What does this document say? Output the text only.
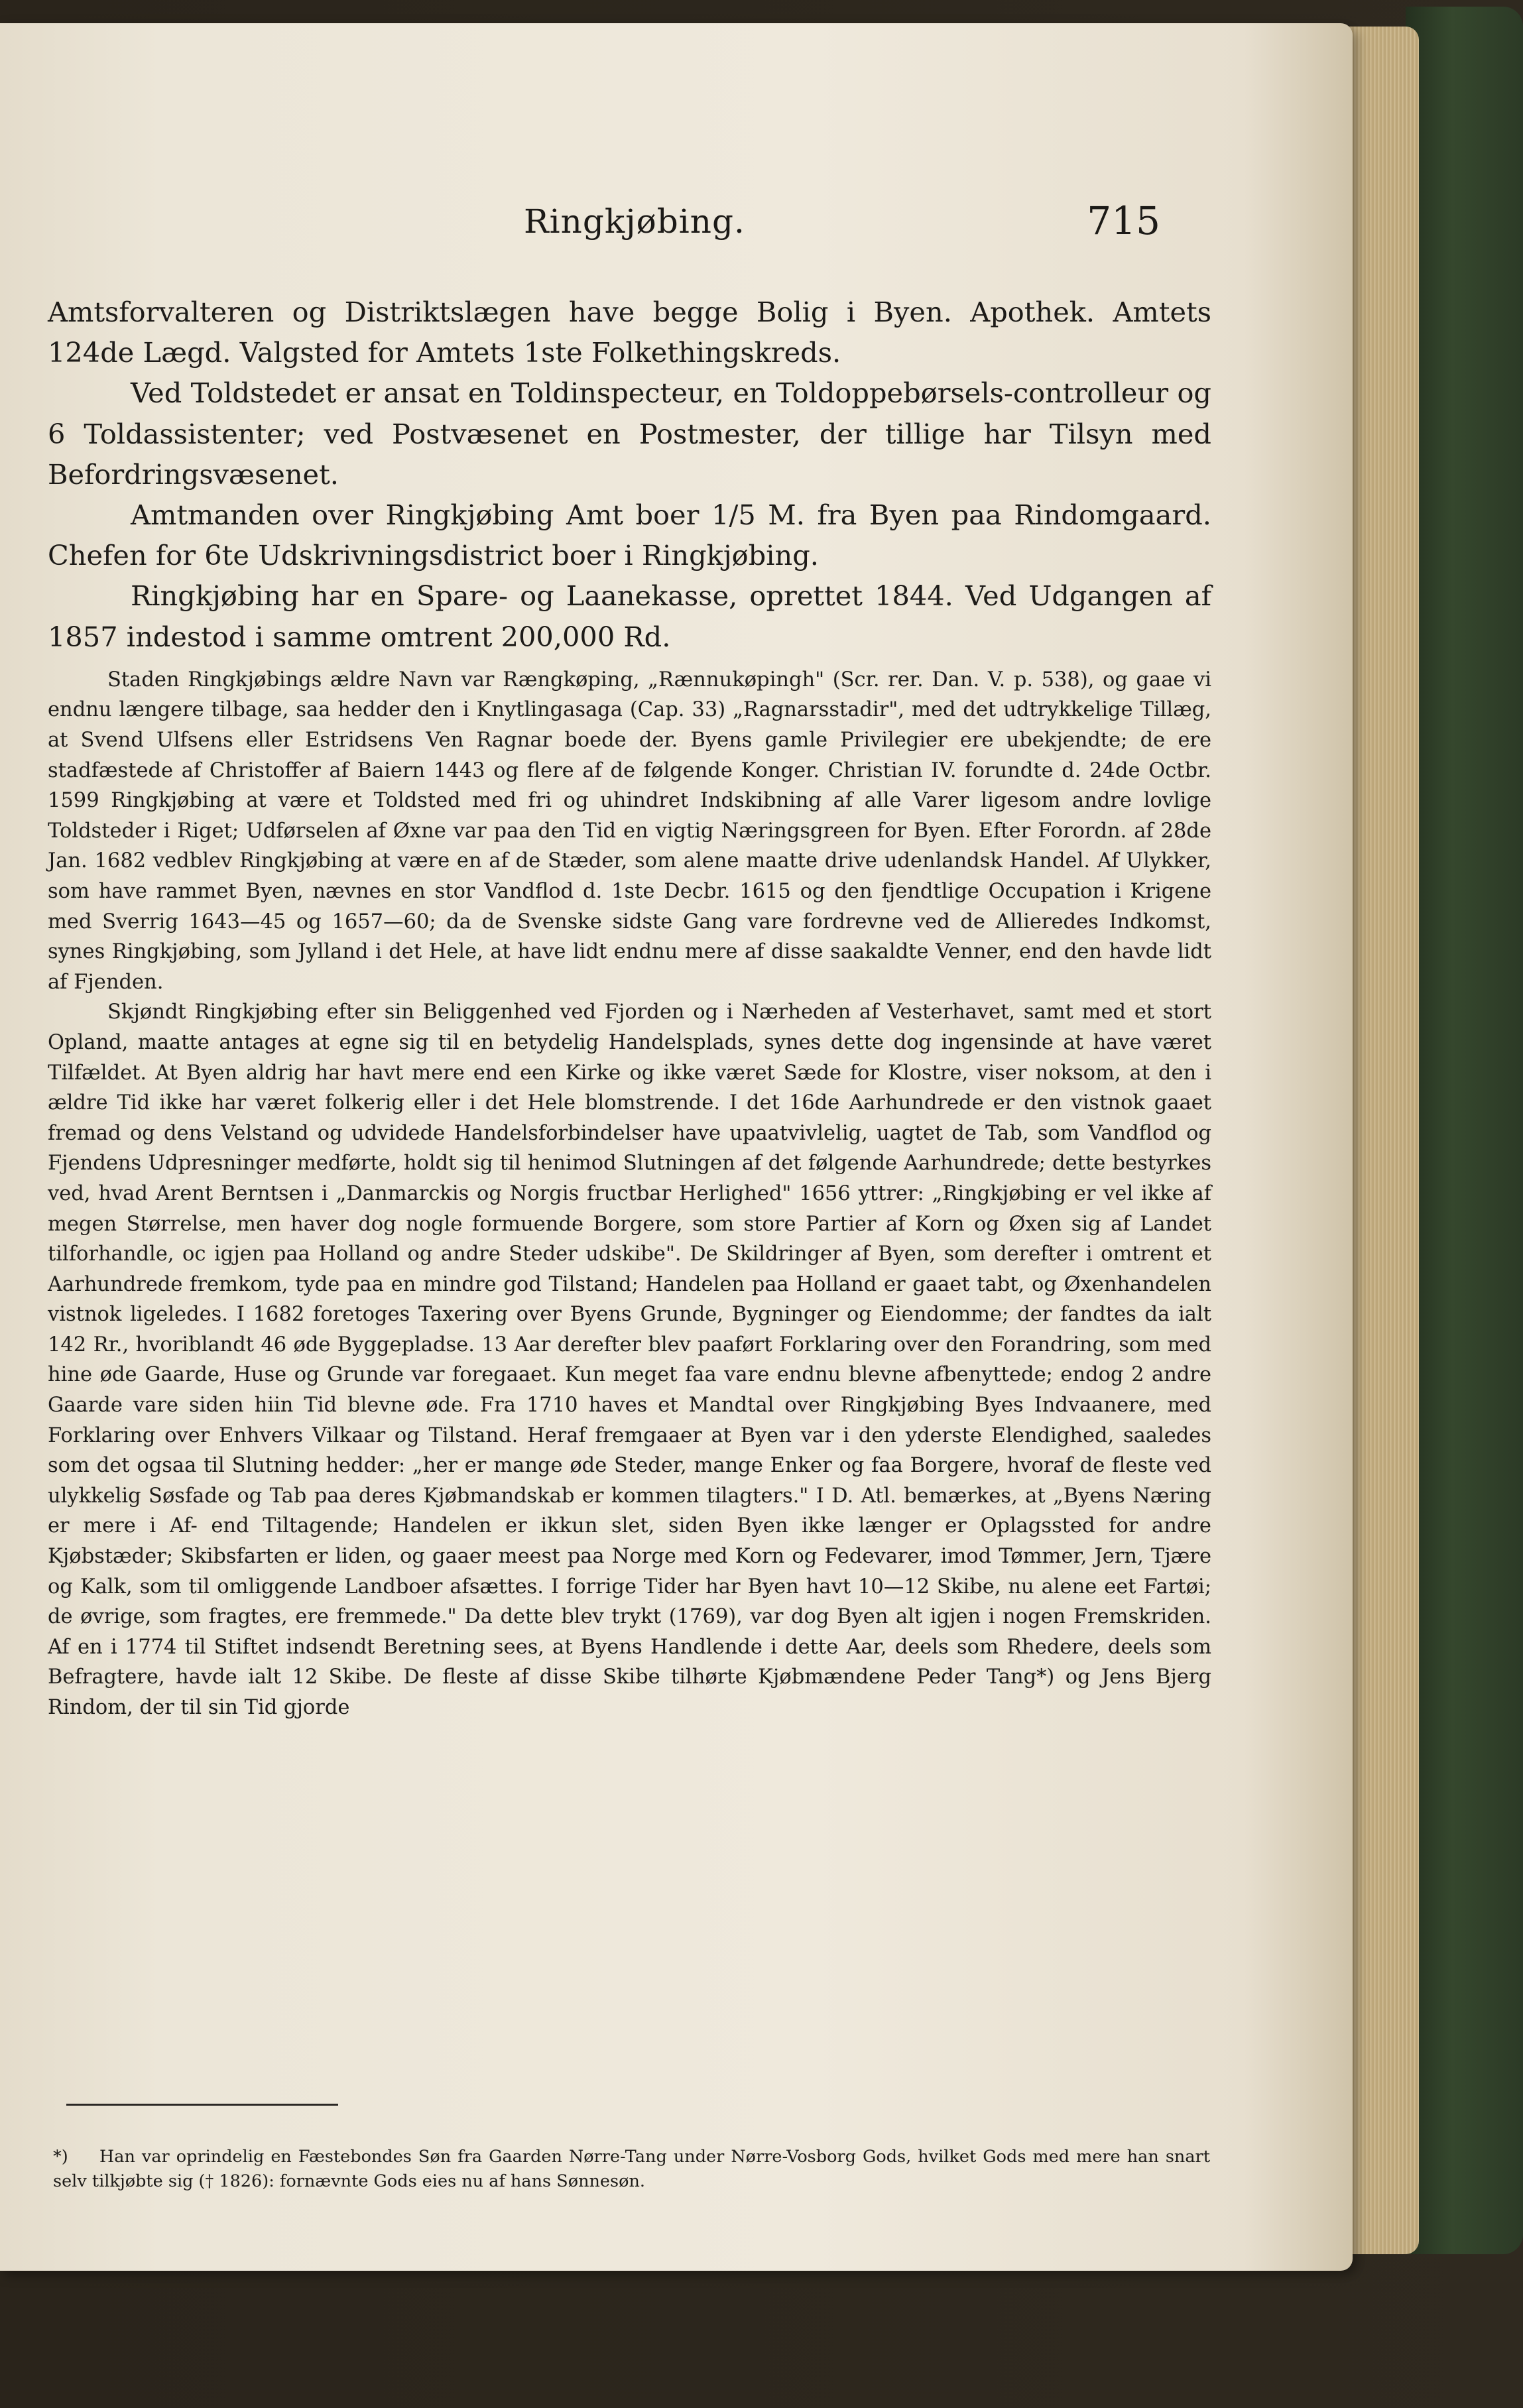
Ringkjøbing.	715

Amtsforvalteren og Distriktslægen have begge Bolig i Byen. Apothek. Amtets 124de Lægd. Valgsted for Amtets 1ste Folkethingskreds.

Ved Toldstedet er ansat en Toldinspecteur, en Toldoppebørsels-controlleur og 6 Toldassistenter; ved Postvæsenet en Postmester, der tillige har Tilsyn med Befordringsvæsenet.

Amtmanden over Ringkjøbing Amt boer 1/5 M. fra Byen paa Rindomgaard. Chefen for 6te Udskrivningsdistrict boer i Ringkjøbing.

Ringkjøbing har en Spare- og Laanekasse, oprettet 1844. Ved Udgangen af 1857 indestod i samme omtrent 200,000 Rd.

Staden Ringkjøbings ældre Navn var Rængkøping, „Rænnukøpingh" (Scr. rer. Dan. V. p. 538), og gaae vi endnu længere tilbage, saa hedder den i Knytlingasaga (Cap. 33) „Ragnarsstadir", med det udtrykkelige Tillæg, at Svend Ulfsens eller Estridsens Ven Ragnar boede der. Byens gamle Privilegier ere ubekjendte; de ere stadfæstede af Christoffer af Baiern 1443 og flere af de følgende Konger. Christian IV. forundte d. 24de Octbr. 1599 Ringkjøbing at være et Toldsted med fri og uhindret Indskibning af alle Varer ligesom andre lovlige Toldsteder i Riget; Udførselen af Øxne var paa den Tid en vigtig Næringsgreen for Byen. Efter Forordn. af 28de Jan. 1682 vedblev Ringkjøbing at være en af de Stæder, som alene maatte drive udenlandsk Handel. Af Ulykker, som have rammet Byen, nævnes en stor Vandflod d. 1ste Decbr. 1615 og den fjendtlige Occupation i Krigene med Sverrig 1643—45 og 1657—60; da de Svenske sidste Gang vare fordrevne ved de Allieredes Indkomst, synes Ringkjøbing, som Jylland i det Hele, at have lidt endnu mere af disse saakaldte Venner, end den havde lidt af Fjenden.

Skjøndt Ringkjøbing efter sin Beliggenhed ved Fjorden og i Nærheden af Vesterhavet, samt med et stort Opland, maatte antages at egne sig til en betydelig Handelsplads, synes dette dog ingensinde at have været Tilfældet. At Byen aldrig har havt mere end een Kirke og ikke været Sæde for Klostre, viser noksom, at den i ældre Tid ikke har været folkerig eller i det Hele blomstrende. I det 16de Aarhundrede er den vistnok gaaet fremad og dens Velstand og udvidede Handelsforbindelser have upaatvivlelig, uagtet de Tab, som Vandflod og Fjendens Udpresninger medførte, holdt sig til henimod Slutningen af det følgende Aarhundrede; dette bestyrkes ved, hvad Arent Berntsen i „Danmarckis og Norgis fructbar Herlighed" 1656 yttrer: „Ringkjøbing er vel ikke af megen Størrelse, men haver dog nogle formuende Borgere, som store Partier af Korn og Øxen sig af Landet tilforhandle, oc igjen paa Holland og andre Steder udskibe". De Skildringer af Byen, som derefter i omtrent et Aarhundrede fremkom, tyde paa en mindre god Tilstand; Handelen paa Holland er gaaet tabt, og Øxenhandelen vistnok ligeledes. I 1682 foretoges Taxering over Byens Grunde, Bygninger og Eiendomme; der fandtes da ialt 142 Rr., hvoriblandt 46 øde Byggepladse. 13 Aar derefter blev paaført Forklaring over den Forandring, som med hine øde Gaarde, Huse og Grunde var foregaaet. Kun meget faa vare endnu blevne afbenyttede; endog 2 andre Gaarde vare siden hiin Tid blevne øde. Fra 1710 haves et Mandtal over Ringkjøbing Byes Indvaanere, med Forklaring over Enhvers Vilkaar og Tilstand. Heraf fremgaaer at Byen var i den yderste Elendighed, saaledes som det ogsaa til Slutning hedder: „her er mange øde Steder, mange Enker og faa Borgere, hvoraf de fleste ved ulykkelig Søsfade og Tab paa deres Kjøbmandskab er kommen tilagters." I D. Atl. bemærkes, at „Byens Næring er mere i Af- end Tiltagende; Handelen er ikkun slet, siden Byen ikke længer er Oplagssted for andre Kjøbstæder; Skibsfarten er liden, og gaaer meest paa Norge med Korn og Fedevarer, imod Tømmer, Jern, Tjære og Kalk, som til omliggende Landboer afsættes. I forrige Tider har Byen havt 10—12 Skibe, nu alene eet Fartøi; de øvrige, som fragtes, ere fremmede." Da dette blev trykt (1769), var dog Byen alt igjen i nogen Fremskriden. Af en i 1774 til Stiftet indsendt Beretning sees, at Byens Handlende i dette Aar, deels som Rhedere, deels som Befragtere, havde ialt 12 Skibe. De fleste af disse Skibe tilhørte Kjøbmændene Peder Tang*) og Jens Bjerg Rindom, der til sin Tid gjorde

*) Han var oprindelig en Fæstebondes Søn fra Gaarden Nørre-Tang under Nørre-Vosborg Gods, hvilket Gods med mere han snart selv tilkjøbte sig († 1826): fornævnte Gods eies nu af hans Sønnesøn.
